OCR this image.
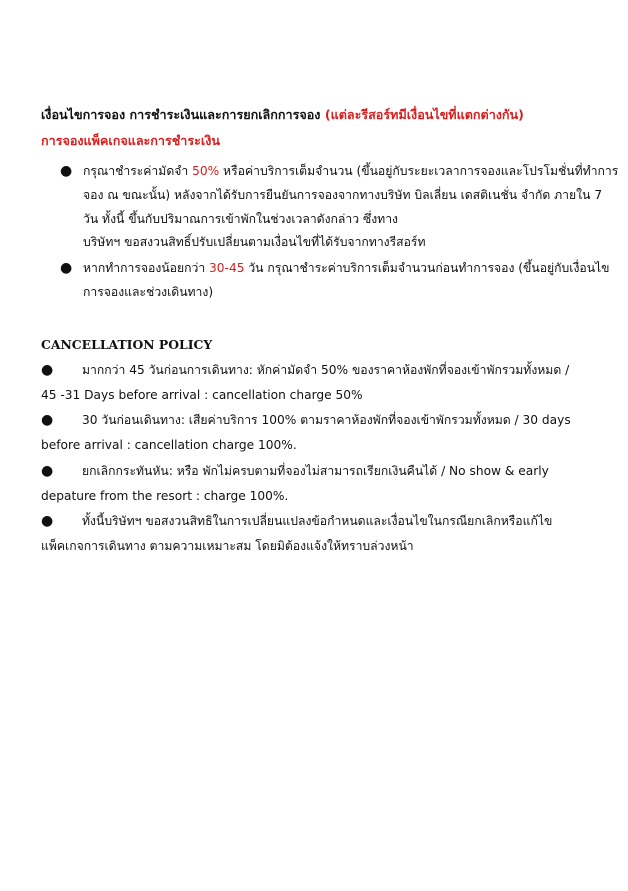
เงื่อนไขการจอง การชำระเงินและการยกเลิกการจอง (แต่ละรีสอร์ทมีเงื่อนไขที่แตกต่างกัน)
การจองแพ็คเกจและการชำระเงิน
● กรุณาชำระค่ามัดจำ 50% หรือค่าบริการเต็มจำนวน (ขึ้นอยู่กับระยะเวลาการจองและโปรโมชั่นที่ทำการ
จอง ณ ขณะนั้น) หลังจากได้รับการยืนยันการจองจากทางบริษัท บิลเลี่ยน เดสติเนชั่น จำกัด ภายใน 7
วัน ทั้งนี้ ขึ้นกับปริมาณการเข้าพักในช่วงเวลาดังกล่าว ซึ่งทาง
บริษัทฯ ขอสงวนสิทธิ์ปรับเปลี่ยนตามเงื่อนไขที่ได้รับจากทางรีสอร์ท
● หากทำการจองน้อยกว่า 30-45 วัน กรุณาชำระค่าบริการเต็มจำนวนก่อนทำการจอง (ขึ้นอยู่กับเงื่อนไข
การจองและช่วงเดินทาง)
CANCELLATION POLICY
● มากกว่า 45 วันก่อนการเดินทาง: หักค่ามัดจำ 50% ของราคาห้องพักที่จองเข้าพักรวมทั้งหมด /
45 -31 Days before arrival : cancellation charge 50%
● 30 วันก่อนเดินทาง: เสียค่าบริการ 100% ตามราคาห้องพักที่จองเข้าพักรวมทั้งหมด / 30 days
before arrival : cancellation charge 100%.
● ยกเลิกกระทันหัน: หรือ พักไม่ครบตามที่จองไม่สามารถเรียกเงินคืนได้ / No show & early
depature from the resort : charge 100%.
● ทั้งนี้บริษัทฯ ขอสงวนสิทธิในการเปลี่ยนแปลงข้อกำหนดและเงื่อนไขในกรณียกเลิกหรือแก้ไข
แพ็คเกจการเดินทาง ตามความเหมาะสม โดยมิต้องแจ้งให้ทราบล่วงหน้า
